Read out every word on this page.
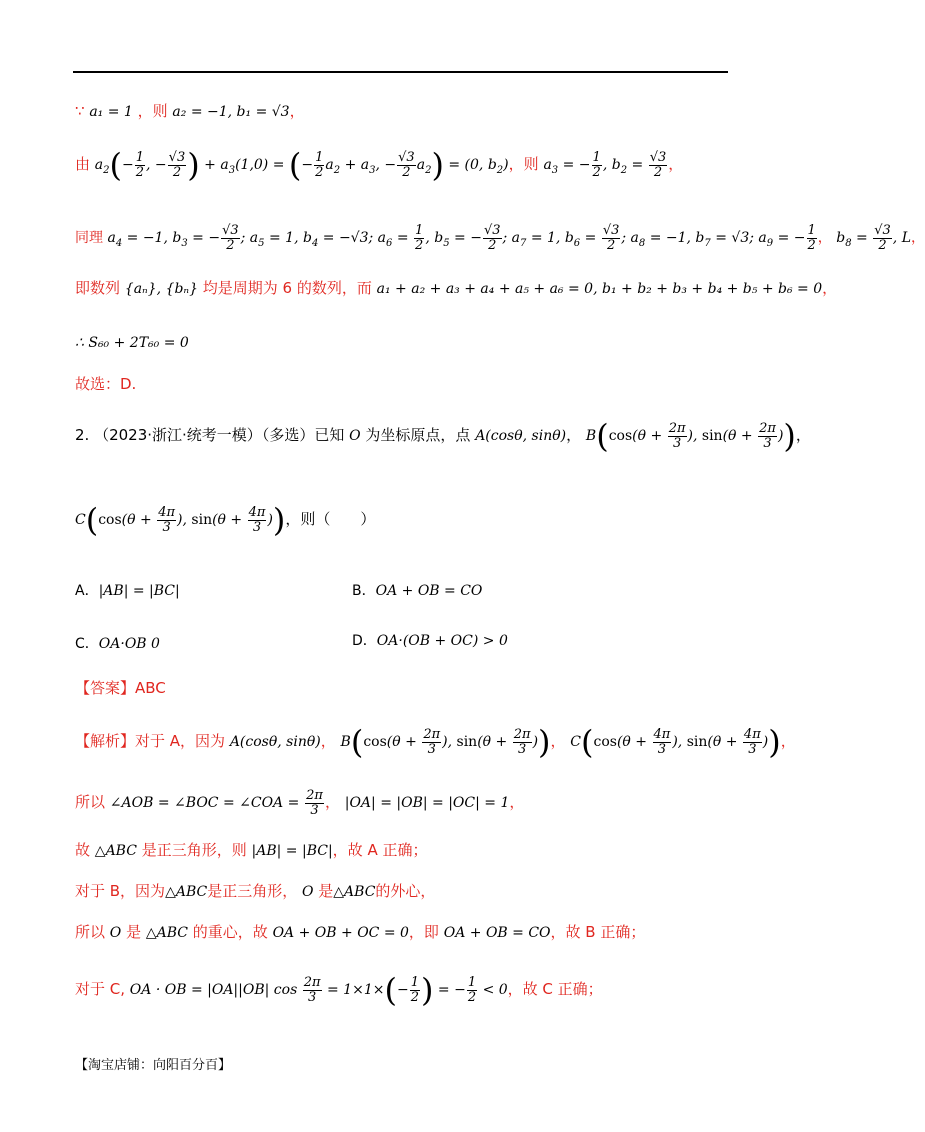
∵ a₁ = 1 ，则 a₂ = −1, b₁ = √3，
由 $a_2(- \frac{1}{2}$ , − $\frac{√3}{2}$ ) + $a_3(1,0)$ = (− $\frac{1}{2} a_2 + a_3$, − $\frac{√3}{2} a_2) = (0$, $b_2$)，则 $a_3$ = − $\frac{1}{2}$ , $b_2 = \frac{√3}{2}$ ，
同理 $a_4 = -1$, $b_3$ = − $\frac{√3}{2}$ ; $a_5 = 1$, $b_4 = -√3$; $a_6 = \frac{1}{2}$ , $b_5$ = − $\frac{√3}{2}$ ; $a_7 = 1$, $b_6 = \frac{√3}{2}$ ; $a_8 = -1$, $b_7 = √3$; $a_9$ = − $\frac{1}{2}$ ， $b_8 = \frac{√3}{2}$ , L，
即数列 {aₙ}, {bₙ} 均是周期为 6 的数列，而 a₁ + a₂ + a₃ + a₄ + a₅ + a₆ = 0, b₁ + b₂ + b₃ + b₄ + b₅ + b₆ = 0，
∴ S₆₀ + 2T₆₀ = 0
故选：D.
2. （2023·浙江·统考一模）（多选）已知 O 为坐标原点，点 A(cosθ, sinθ)， $B(\cos(\theta + \frac{2\pi}{3}$ ), $\sin(\theta + \frac{2\pi}{3}$ ))，
$C(\cos(\theta + \frac{4\pi}{3}$ ), $\sin(\theta + \frac{4\pi}{3}$ ))，则（　　）
A．|AB| = |BC|	B．OA + OB = CO
C．OA·OB 0	D．OA·(OB + OC) > 0
【答案】ABC
【解析】对于 A，因为 A(cosθ, sinθ)， $B(\cos(\theta + \frac{2\pi}{3}$ ), $\sin(\theta + \frac{2\pi}{3}$ ))， $C(\cos(\theta + \frac{4\pi}{3}$ ), $\sin(\theta + \frac{4\pi}{3}$ ))，
所以 ∠AOB = ∠BOC = ∠COA = $\frac{2\pi}{3}$ ， |OA| = |OB| = |OC| = 1，
故 △ABC 是正三角形，则 |AB| = |BC|，故 A 正确；
对于 B，因为△ABC是正三角形， O 是△ABC的外心，
所以 O 是 △ABC 的重心，故 OA + OB + OC = 0，即 OA + OB = CO，故 B 正确；
对于 C, OA · OB = |OA||OB| $\cos \frac{2\pi}{3} = 1\times 1\times(- \frac{1}{2}$ ) = − $\frac{1}{2} < 0$，故 C 正确；
【淘宝店铺：向阳百分百】
